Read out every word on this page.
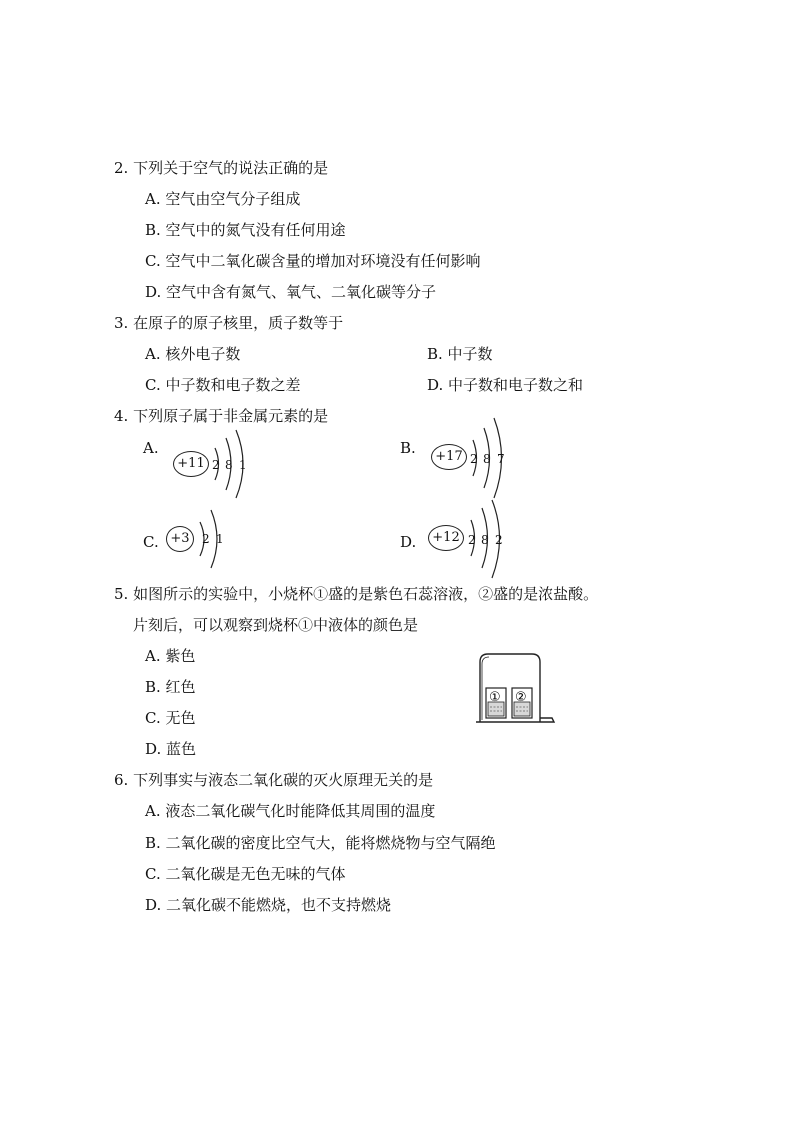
2. 下列关于空气的说法正确的是
A. 空气由空气分子组成
B. 空气中的氮气没有任何用途
C. 空气中二氧化碳含量的增加对环境没有任何影响
D. 空气中含有氮气、氧气、二氧化碳等分子
3. 在原子的原子核里，质子数等于
A. 核外电子数	B. 中子数
C. 中子数和电子数之差	D. 中子数和电子数之和
4. 下列原子属于非金属元素的是
A.
+11 2 8 1
B.	+17 2 8 7
C. +3	2 1	D.	+12 2 8 2
5. 如图所示的实验中，小烧杯①盛的是紫色石蕊溶液，②盛的是浓盐酸。
片刻后，可以观察到烧杯①中液体的颜色是
A. 紫色
B. 红色
C. 无色
D. 蓝色
① ②
6. 下列事实与液态二氧化碳的灭火原理无关的是
A. 液态二氧化碳气化时能降低其周围的温度
B. 二氧化碳的密度比空气大，能将燃烧物与空气隔绝
C. 二氧化碳是无色无味的气体
D. 二氧化碳不能燃烧，也不支持燃烧
